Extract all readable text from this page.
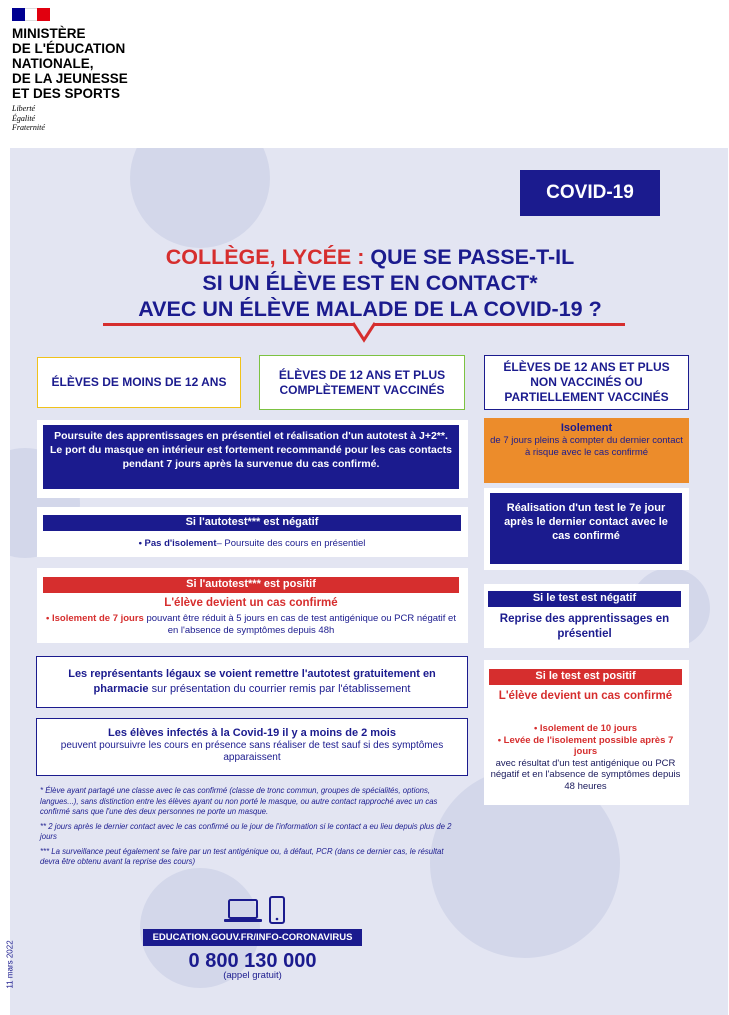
MINISTÈRE
DE L'ÉDUCATION
NATIONALE,
DE LA JEUNESSE
ET DES SPORTS
Liberté
Égalité
Fraternité
COVID-19
COLLÈGE, LYCÉE : QUE SE PASSE-T-IL
SI UN ÉLÈVE EST EN CONTACT*
AVEC UN ÉLÈVE MALADE DE LA COVID-19 ?
ÉLÈVES DE MOINS DE 12 ANS
ÉLÈVES DE 12 ANS ET PLUS COMPLÈTEMENT VACCINÉS
ÉLÈVES DE 12 ANS ET PLUS NON VACCINÉS OU PARTIELLEMENT VACCINÉS
Poursuite des apprentissages en présentiel et réalisation d'un autotest à J+2**. Le port du masque en intérieur est fortement recommandé pour les cas contacts pendant 7 jours après la survenue du cas confirmé.
Si l'autotest*** est négatif
• Pas d'isolement– Poursuite des cours en présentiel
Si l'autotest*** est positif
L'élève devient un cas confirmé
• Isolement de 7 jours pouvant être réduit à 5 jours en cas de test antigénique ou PCR négatif et en l'absence de symptômes depuis 48h
Les représentants légaux se voient remettre l'autotest gratuitement en pharmacie sur présentation du courrier remis par l'établissement
Les élèves infectés à la Covid-19 il y a moins de 2 mois
peuvent poursuivre les cours en présence sans réaliser de test sauf si des symptômes apparaissent
* Élève ayant partagé une classe avec le cas confirmé (classe de tronc commun, groupes de spécialités, options, langues...), sans distinction entre les élèves ayant ou non porté le masque, ou autre contact rapproché avec un cas confirmé sans que l'une des deux personnes ne porte un masque.
** 2 jours après le dernier contact avec le cas confirmé ou le jour de l'information si le contact a eu lieu depuis plus de 2 jours
*** La surveillance peut également se faire par un test antigénique ou, à défaut, PCR (dans ce dernier cas, le résultat devra être obtenu avant la reprise des cours)
EDUCATION.GOUV.FR/INFO-CORONAVIRUS
0 800 130 000
(appel gratuit)
11 mars 2022
Isolement
de 7 jours pleins à compter du dernier contact à risque avec le cas confirmé
Réalisation d'un test le 7e jour après le dernier contact avec le cas confirmé
Si le test est négatif
Reprise des apprentissages en présentiel
Si le test est positif
L'élève devient un cas confirmé
• Isolement de 10 jours
• Levée de l'isolement possible après 7 jours
avec résultat d'un test antigénique ou PCR négatif et en l'absence de symptômes depuis 48 heures
